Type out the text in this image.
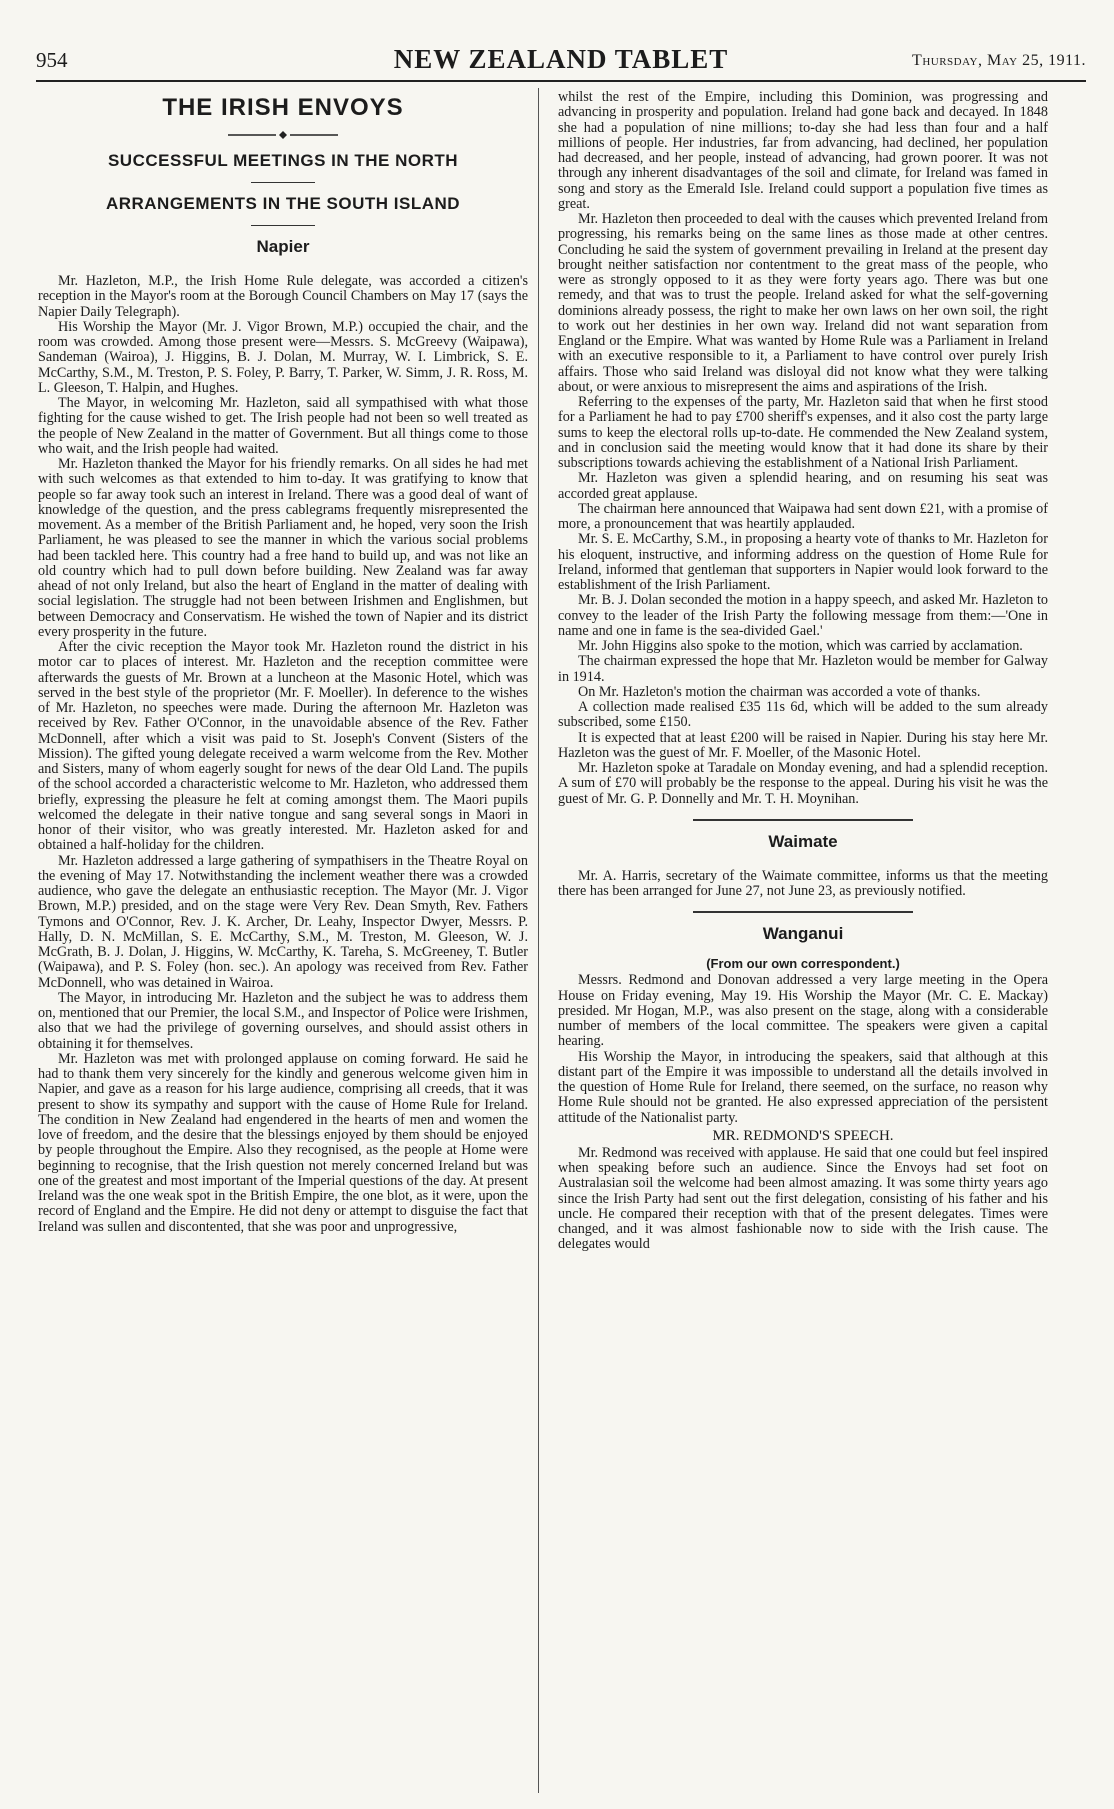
954	NEW ZEALAND TABLET	Thursday, May 25, 1911.
THE IRISH ENVOYS
SUCCESSFUL MEETINGS IN THE NORTH
ARRANGEMENTS IN THE SOUTH ISLAND
Napier

Mr. Hazleton, M.P., the Irish Home Rule delegate, was accorded a citizen's reception in the Mayor's room at the Borough Council Chambers on May 17 (says the Napier Daily Telegraph).

His Worship the Mayor (Mr. J. Vigor Brown, M.P.) occupied the chair, and the room was crowded. Among those present were—Messrs. S. McGreevy (Waipawa), Sandeman (Wairoa), J. Higgins, B. J. Dolan, M. Murray, W. I. Limbrick, S. E. McCarthy, S.M., M. Treston, P. S. Foley, P. Barry, T. Parker, W. Simm, J. R. Ross, M. L. Gleeson, T. Halpin, and Hughes.

The Mayor, in welcoming Mr. Hazleton, said all sympathised with what those fighting for the cause wished to get. The Irish people had not been so well treated as the people of New Zealand in the matter of Government. But all things come to those who wait, and the Irish people had waited.

Mr. Hazleton thanked the Mayor for his friendly remarks. On all sides he had met with such welcomes as that extended to him to-day. It was gratifying to know that people so far away took such an interest in Ireland. There was a good deal of want of knowledge of the question, and the press cablegrams frequently misrepresented the movement. As a member of the British Parliament and, he hoped, very soon the Irish Parliament, he was pleased to see the manner in which the various social problems had been tackled here. This country had a free hand to build up, and was not like an old country which had to pull down before building. New Zealand was far away ahead of not only Ireland, but also the heart of England in the matter of dealing with social legislation. The struggle had not been between Irishmen and Englishmen, but between Democracy and Conservatism. He wished the town of Napier and its district every prosperity in the future.

After the civic reception the Mayor took Mr. Hazleton round the district in his motor car to places of interest. Mr. Hazleton and the reception committee were afterwards the guests of Mr. Brown at a luncheon at the Masonic Hotel, which was served in the best style of the proprietor (Mr. F. Moeller). In deference to the wishes of Mr. Hazleton, no speeches were made. During the afternoon Mr. Hazleton was received by Rev. Father O'Connor, in the unavoidable absence of the Rev. Father McDonnell, after which a visit was paid to St. Joseph's Convent (Sisters of the Mission). The gifted young delegate received a warm welcome from the Rev. Mother and Sisters, many of whom eagerly sought for news of the dear Old Land. The pupils of the school accorded a characteristic welcome to Mr. Hazleton, who addressed them briefly, expressing the pleasure he felt at coming amongst them. The Maori pupils welcomed the delegate in their native tongue and sang several songs in Maori in honor of their visitor, who was greatly interested. Mr. Hazleton asked for and obtained a half-holiday for the children.

Mr. Hazleton addressed a large gathering of sympathisers in the Theatre Royal on the evening of May 17. Notwithstanding the inclement weather there was a crowded audience, who gave the delegate an enthusiastic reception. The Mayor (Mr. J. Vigor Brown, M.P.) presided, and on the stage were Very Rev. Dean Smyth, Rev. Fathers Tymons and O'Connor, Rev. J. K. Archer, Dr. Leahy, Inspector Dwyer, Messrs. P. Hally, D. N. McMillan, S. E. McCarthy, S.M., M. Treston, M. Gleeson, W. J. McGrath, B. J. Dolan, J. Higgins, W. McCarthy, K. Tareha, S. McGreeney, T. Butler (Waipawa), and P. S. Foley (hon. sec.). An apology was received from Rev. Father McDonnell, who was detained in Wairoa.

The Mayor, in introducing Mr. Hazleton and the subject he was to address them on, mentioned that our Premier, the local S.M., and Inspector of Police were Irishmen, also that we had the privilege of governing ourselves, and should assist others in obtaining it for themselves.

Mr. Hazleton was met with prolonged applause on coming forward. He said he had to thank them very sincerely for the kindly and generous welcome given him in Napier, and gave as a reason for his large audience, comprising all creeds, that it was present to show its sympathy and support with the cause of Home Rule for Ireland. The condition in New Zealand had engendered in the hearts of men and women the love of freedom, and the desire that the blessings enjoyed by them should be enjoyed by people throughout the Empire. Also they recognised, as the people at Home were beginning to recognise, that the Irish question not merely concerned Ireland but was one of the greatest and most important of the Imperial questions of the day. At present Ireland was the one weak spot in the British Empire, the one blot, as it were, upon the record of England and the Empire. He did not deny or attempt to disguise the fact that Ireland was sullen and discontented, that she was poor and unprogressive,

whilst the rest of the Empire, including this Dominion, was progressing and advancing in prosperity and population. Ireland had gone back and decayed. In 1848 she had a population of nine millions; to-day she had less than four and a half millions of people. Her industries, far from advancing, had declined, her population had decreased, and her people, instead of advancing, had grown poorer. It was not through any inherent disadvantages of the soil and climate, for Ireland was famed in song and story as the Emerald Isle. Ireland could support a population five times as great.

Mr. Hazleton then proceeded to deal with the causes which prevented Ireland from progressing, his remarks being on the same lines as those made at other centres. Concluding he said the system of government prevailing in Ireland at the present day brought neither satisfaction nor contentment to the great mass of the people, who were as strongly opposed to it as they were forty years ago. There was but one remedy, and that was to trust the people. Ireland asked for what the self-governing dominions already possess, the right to make her own laws on her own soil, the right to work out her destinies in her own way. Ireland did not want separation from England or the Empire. What was wanted by Home Rule was a Parliament in Ireland with an executive responsible to it, a Parliament to have control over purely Irish affairs. Those who said Ireland was disloyal did not know what they were talking about, or were anxious to misrepresent the aims and aspirations of the Irish.

Referring to the expenses of the party, Mr. Hazleton said that when he first stood for a Parliament he had to pay £700 sheriff's expenses, and it also cost the party large sums to keep the electoral rolls up-to-date. He commended the New Zealand system, and in conclusion said the meeting would know that it had done its share by their subscriptions towards achieving the establishment of a National Irish Parliament.

Mr. Hazleton was given a splendid hearing, and on resuming his seat was accorded great applause.

The chairman here announced that Waipawa had sent down £21, with a promise of more, a pronouncement that was heartily applauded.

Mr. S. E. McCarthy, S.M., in proposing a hearty vote of thanks to Mr. Hazleton for his eloquent, instructive, and informing address on the question of Home Rule for Ireland, informed that gentleman that supporters in Napier would look forward to the establishment of the Irish Parliament.

Mr. B. J. Dolan seconded the motion in a happy speech, and asked Mr. Hazleton to convey to the leader of the Irish Party the following message from them:—'One in name and one in fame is the sea-divided Gael.'

Mr. John Higgins also spoke to the motion, which was carried by acclamation.

The chairman expressed the hope that Mr. Hazleton would be member for Galway in 1914.

On Mr. Hazleton's motion the chairman was accorded a vote of thanks.

A collection made realised £35 11s 6d, which will be added to the sum already subscribed, some £150.

It is expected that at least £200 will be raised in Napier. During his stay here Mr. Hazleton was the guest of Mr. F. Moeller, of the Masonic Hotel.

Mr. Hazleton spoke at Taradale on Monday evening, and had a splendid reception. A sum of £70 will probably be the response to the appeal. During his visit he was the guest of Mr. G. P. Donnelly and Mr. T. H. Moynihan.

Waimate

Mr. A. Harris, secretary of the Waimate committee, informs us that the meeting there has been arranged for June 27, not June 23, as previously notified.

Wanganui
(From our own correspondent.)

Messrs. Redmond and Donovan addressed a very large meeting in the Opera House on Friday evening, May 19. His Worship the Mayor (Mr. C. E. Mackay) presided. Mr Hogan, M.P., was also present on the stage, along with a considerable number of members of the local committee. The speakers were given a capital hearing.

His Worship the Mayor, in introducing the speakers, said that although at this distant part of the Empire it was impossible to understand all the details involved in the question of Home Rule for Ireland, there seemed, on the surface, no reason why Home Rule should not be granted. He also expressed appreciation of the persistent attitude of the Nationalist party.

MR. REDMOND'S SPEECH.

Mr. Redmond was received with applause. He said that one could but feel inspired when speaking before such an audience. Since the Envoys had set foot on Australasian soil the welcome had been almost amazing. It was some thirty years ago since the Irish Party had sent out the first delegation, consisting of his father and his uncle. He compared their reception with that of the present delegates. Times were changed, and it was almost fashionable now to side with the Irish cause. The delegates would
